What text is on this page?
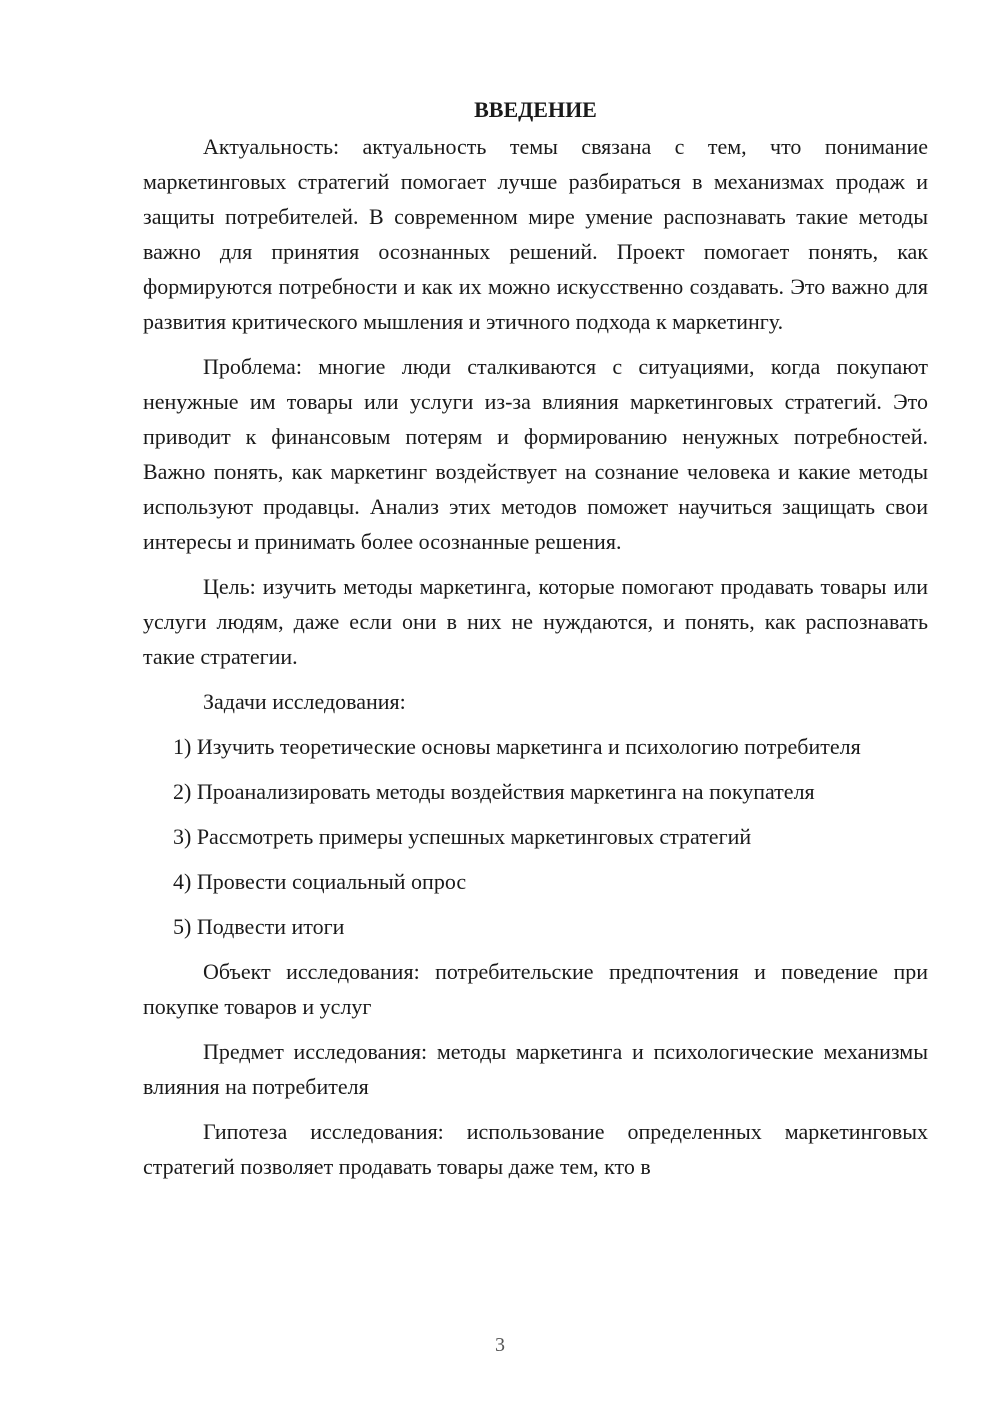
ВВЕДЕНИЕ

Актуальность: актуальность темы связана с тем, что понимание маркетинговых стратегий помогает лучше разбираться в механизмах продаж и защиты потребителей. В современном мире умение распознавать такие методы важно для принятия осознанных решений. Проект помогает понять, как формируются потребности и как их можно искусственно создавать. Это важно для развития критического мышления и этичного подхода к маркетингу.

Проблема: многие люди сталкиваются с ситуациями, когда покупают ненужные им товары или услуги из-за влияния маркетинговых стратегий. Это приводит к финансовым потерям и формированию ненужных потребностей. Важно понять, как маркетинг воздействует на сознание человека и какие методы используют продавцы. Анализ этих методов поможет научиться защищать свои интересы и принимать более осознанные решения.

Цель: изучить методы маркетинга, которые помогают продавать товары или услуги людям, даже если они в них не нуждаются, и понять, как распознавать такие стратегии.

Задачи исследования:

1) Изучить теоретические основы маркетинга и психологию потребителя

2) Проанализировать методы воздействия маркетинга на покупателя

3) Рассмотреть примеры успешных маркетинговых стратегий

4) Провести социальный опрос

5) Подвести итоги

Объект исследования: потребительские предпочтения и поведение при покупке товаров и услуг

Предмет исследования: методы маркетинга и психологические механизмы влияния на потребителя

Гипотеза исследования: использование определенных маркетинговых стратегий позволяет продавать товары даже тем, кто в

3
